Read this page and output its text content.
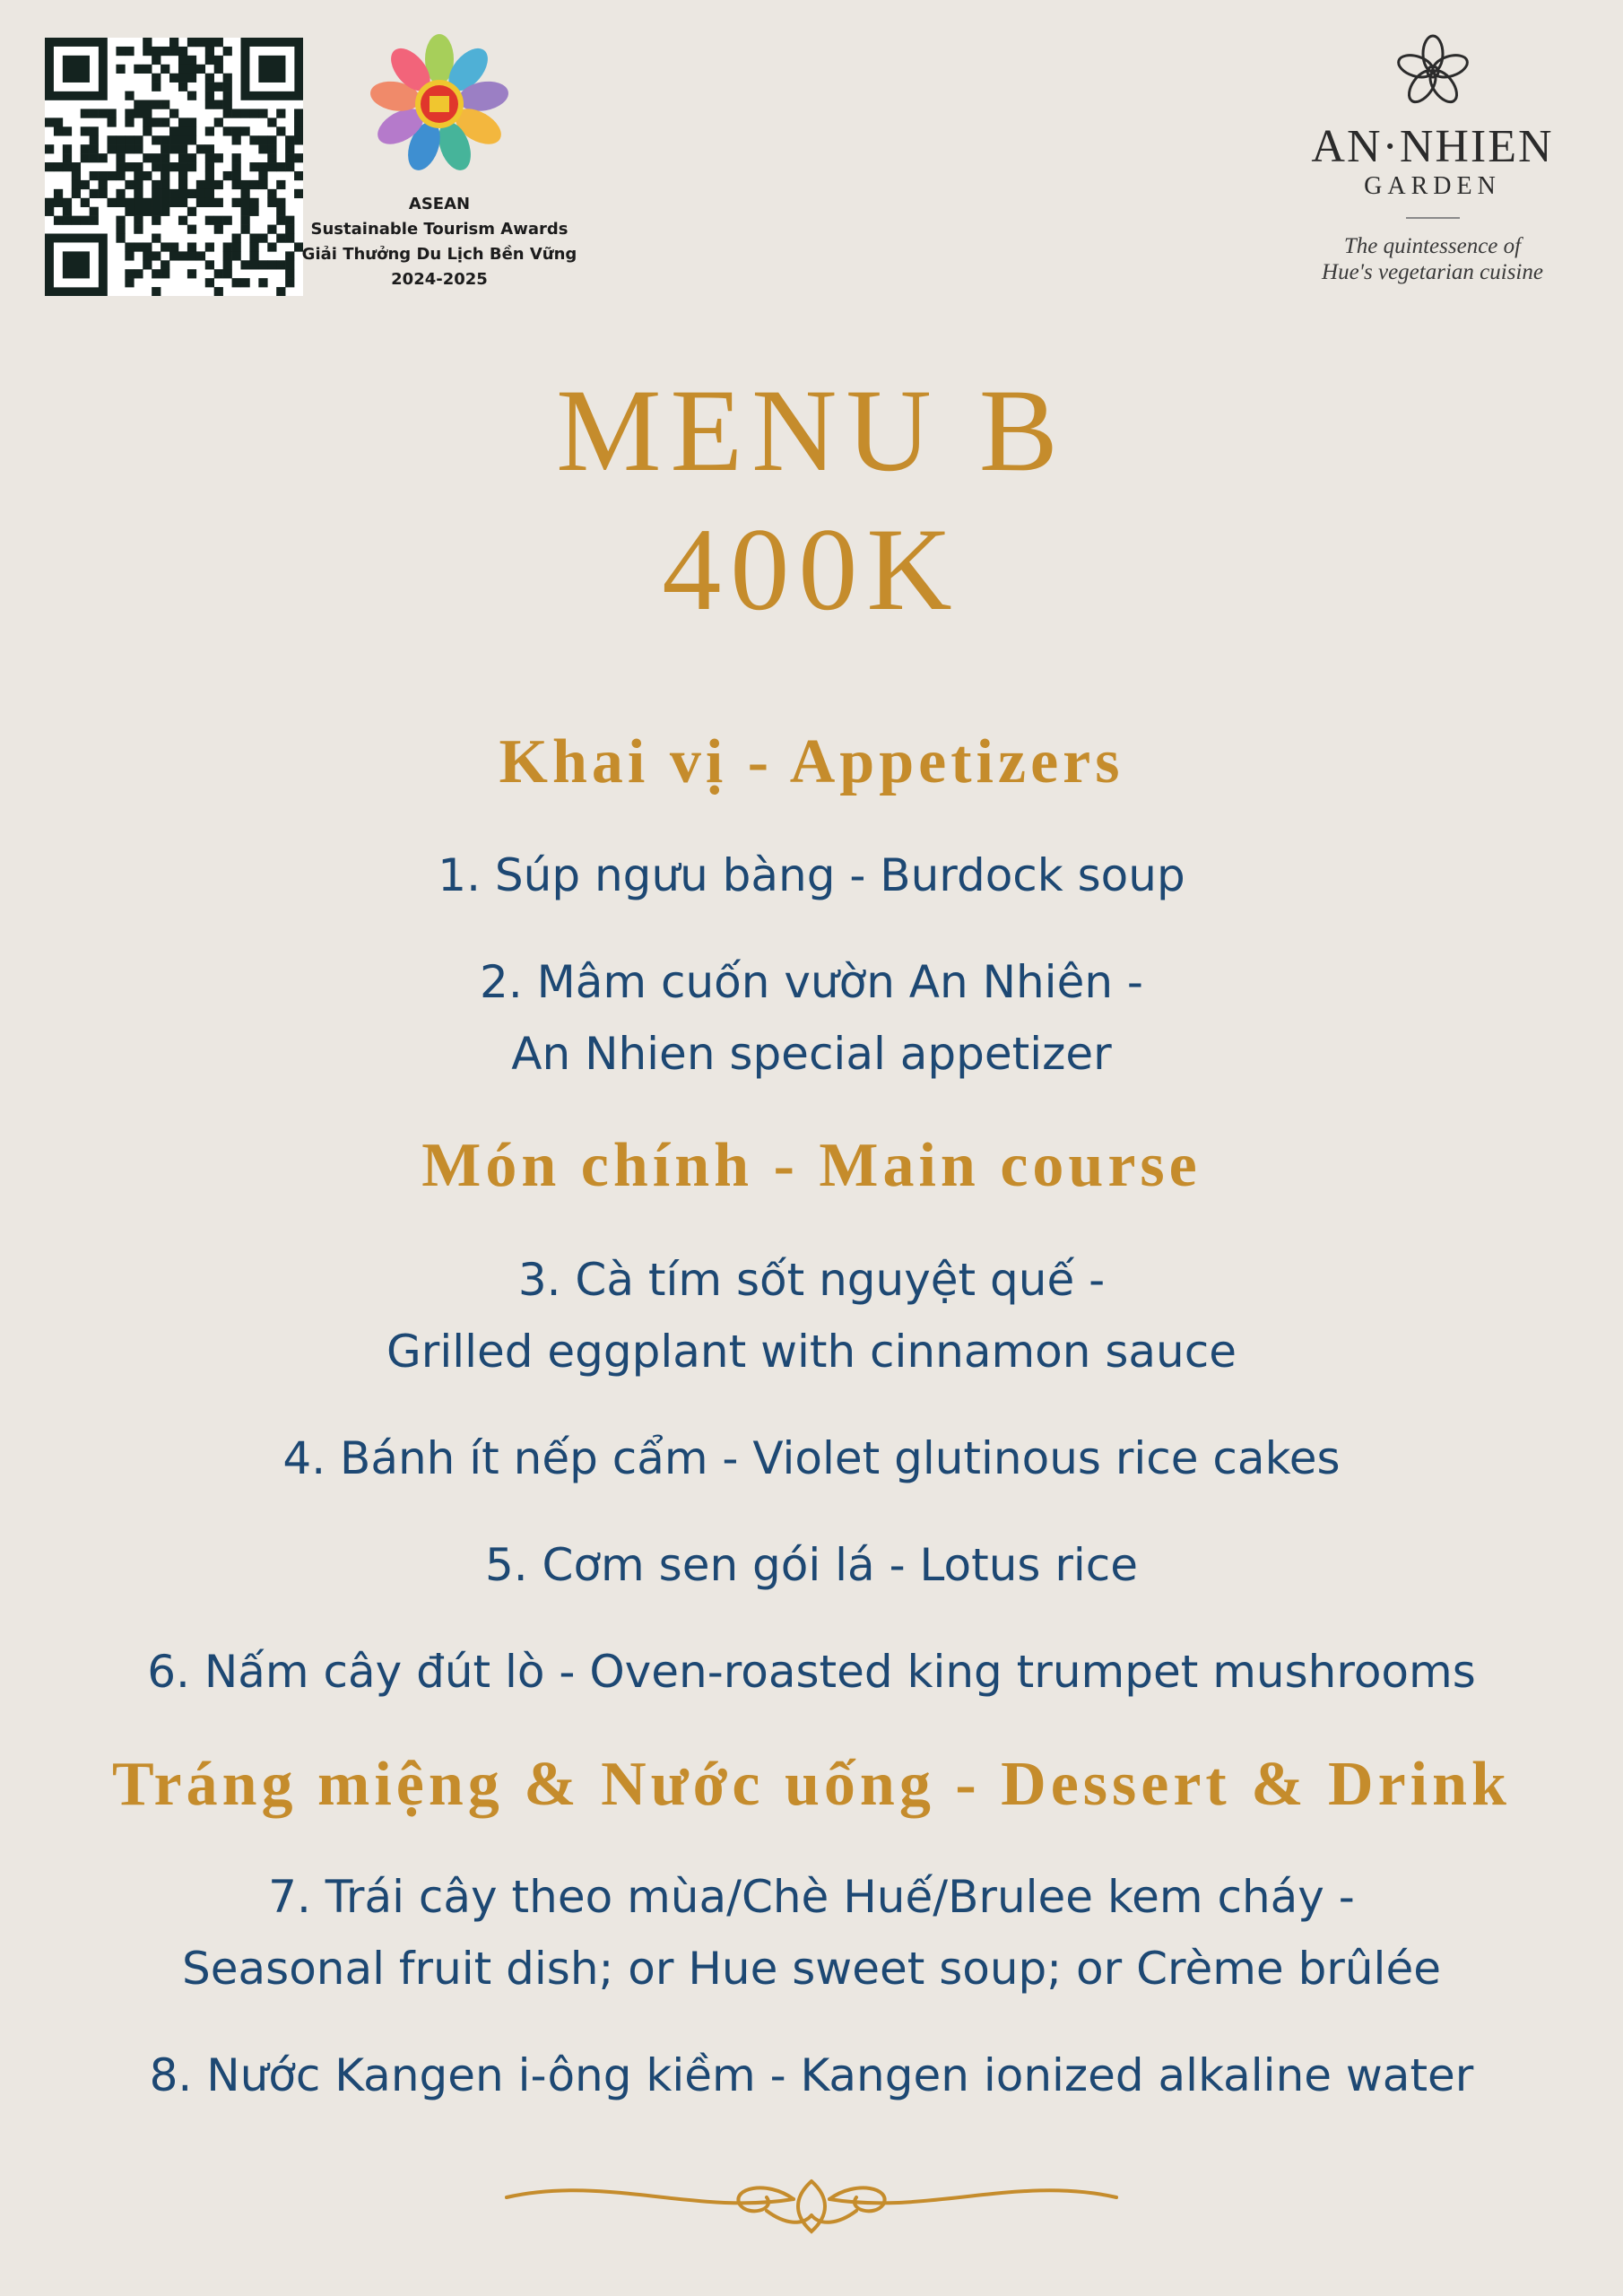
ASEAN
Sustainable Tourism Awards
Giải Thưởng Du Lịch Bền Vững
2024-2025
AN·NHIEN
GARDEN
The quintessence of
Hue's vegetarian cuisine
MENU B
400K
Khai vị - Appetizers
1. Súp ngưu bàng - Burdock soup
2. Mâm cuốn vườn An Nhiên -
An Nhien special appetizer
Món chính - Main course
3. Cà tím sốt nguyệt quế -
Grilled eggplant with cinnamon sauce
4. Bánh ít nếp cẩm - Violet glutinous rice cakes
5. Cơm sen gói lá - Lotus rice
6. Nấm cây đút lò - Oven-roasted king trumpet mushrooms
Tráng miệng & Nước uống - Dessert & Drink
7. Trái cây theo mùa/Chè Huế/Brulee kem cháy -
Seasonal fruit dish; or Hue sweet soup; or Crème brûlée
8. Nước Kangen i-ông kiềm - Kangen ionized alkaline water
